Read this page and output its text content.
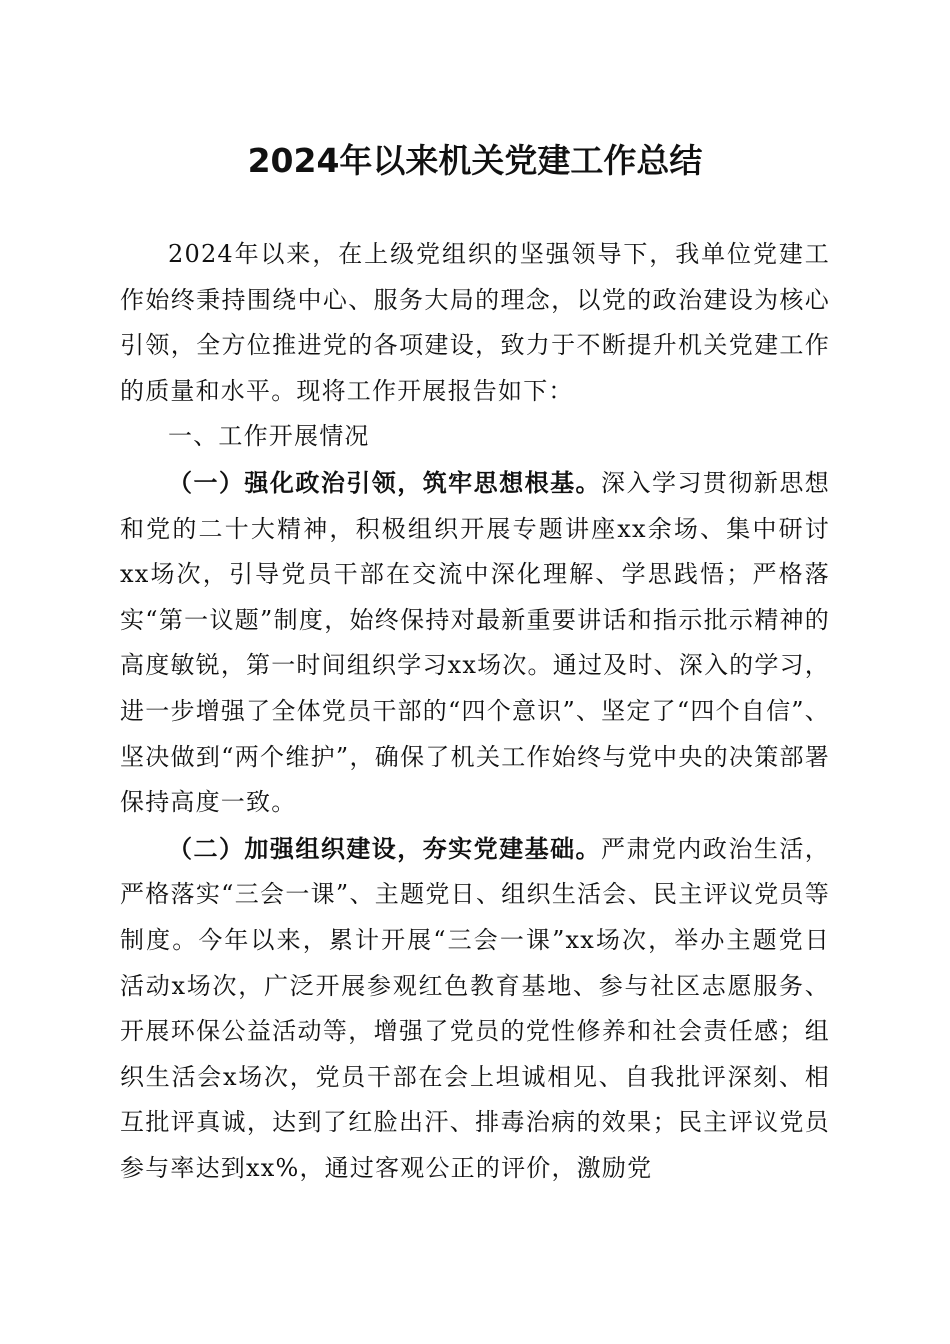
2024年以来机关党建工作总结

2024年以来，在上级党组织的坚强领导下，我单位党建工作始终秉持围绕中心、服务大局的理念，以党的政治建设为核心引领，全方位推进党的各项建设，致力于不断提升机关党建工作的质量和水平。现将工作开展报告如下：

一、工作开展情况

（一）强化政治引领，筑牢思想根基。深入学习贯彻新思想和党的二十大精神，积极组织开展专题讲座xx余场、集中研讨xx场次，引导党员干部在交流中深化理解、学思践悟；严格落实“第一议题”制度，始终保持对最新重要讲话和指示批示精神的高度敏锐，第一时间组织学习xx场次。通过及时、深入的学习，进一步增强了全体党员干部的“四个意识”、坚定了“四个自信”、坚决做到“两个维护”，确保了机关工作始终与党中央的决策部署保持高度一致。

（二）加强组织建设，夯实党建基础。严肃党内政治生活，严格落实“三会一课”、主题党日、组织生活会、民主评议党员等制度。今年以来，累计开展“三会一课”xx场次，举办主题党日活动x场次，广泛开展参观红色教育基地、参与社区志愿服务、开展环保公益活动等，增强了党员的党性修养和社会责任感；组织生活会x场次，党员干部在会上坦诚相见、自我批评深刻、相互批评真诚，达到了红脸出汗、排毒治病的效果；民主评议党员参与率达到xx%，通过客观公正的评价，激励党
